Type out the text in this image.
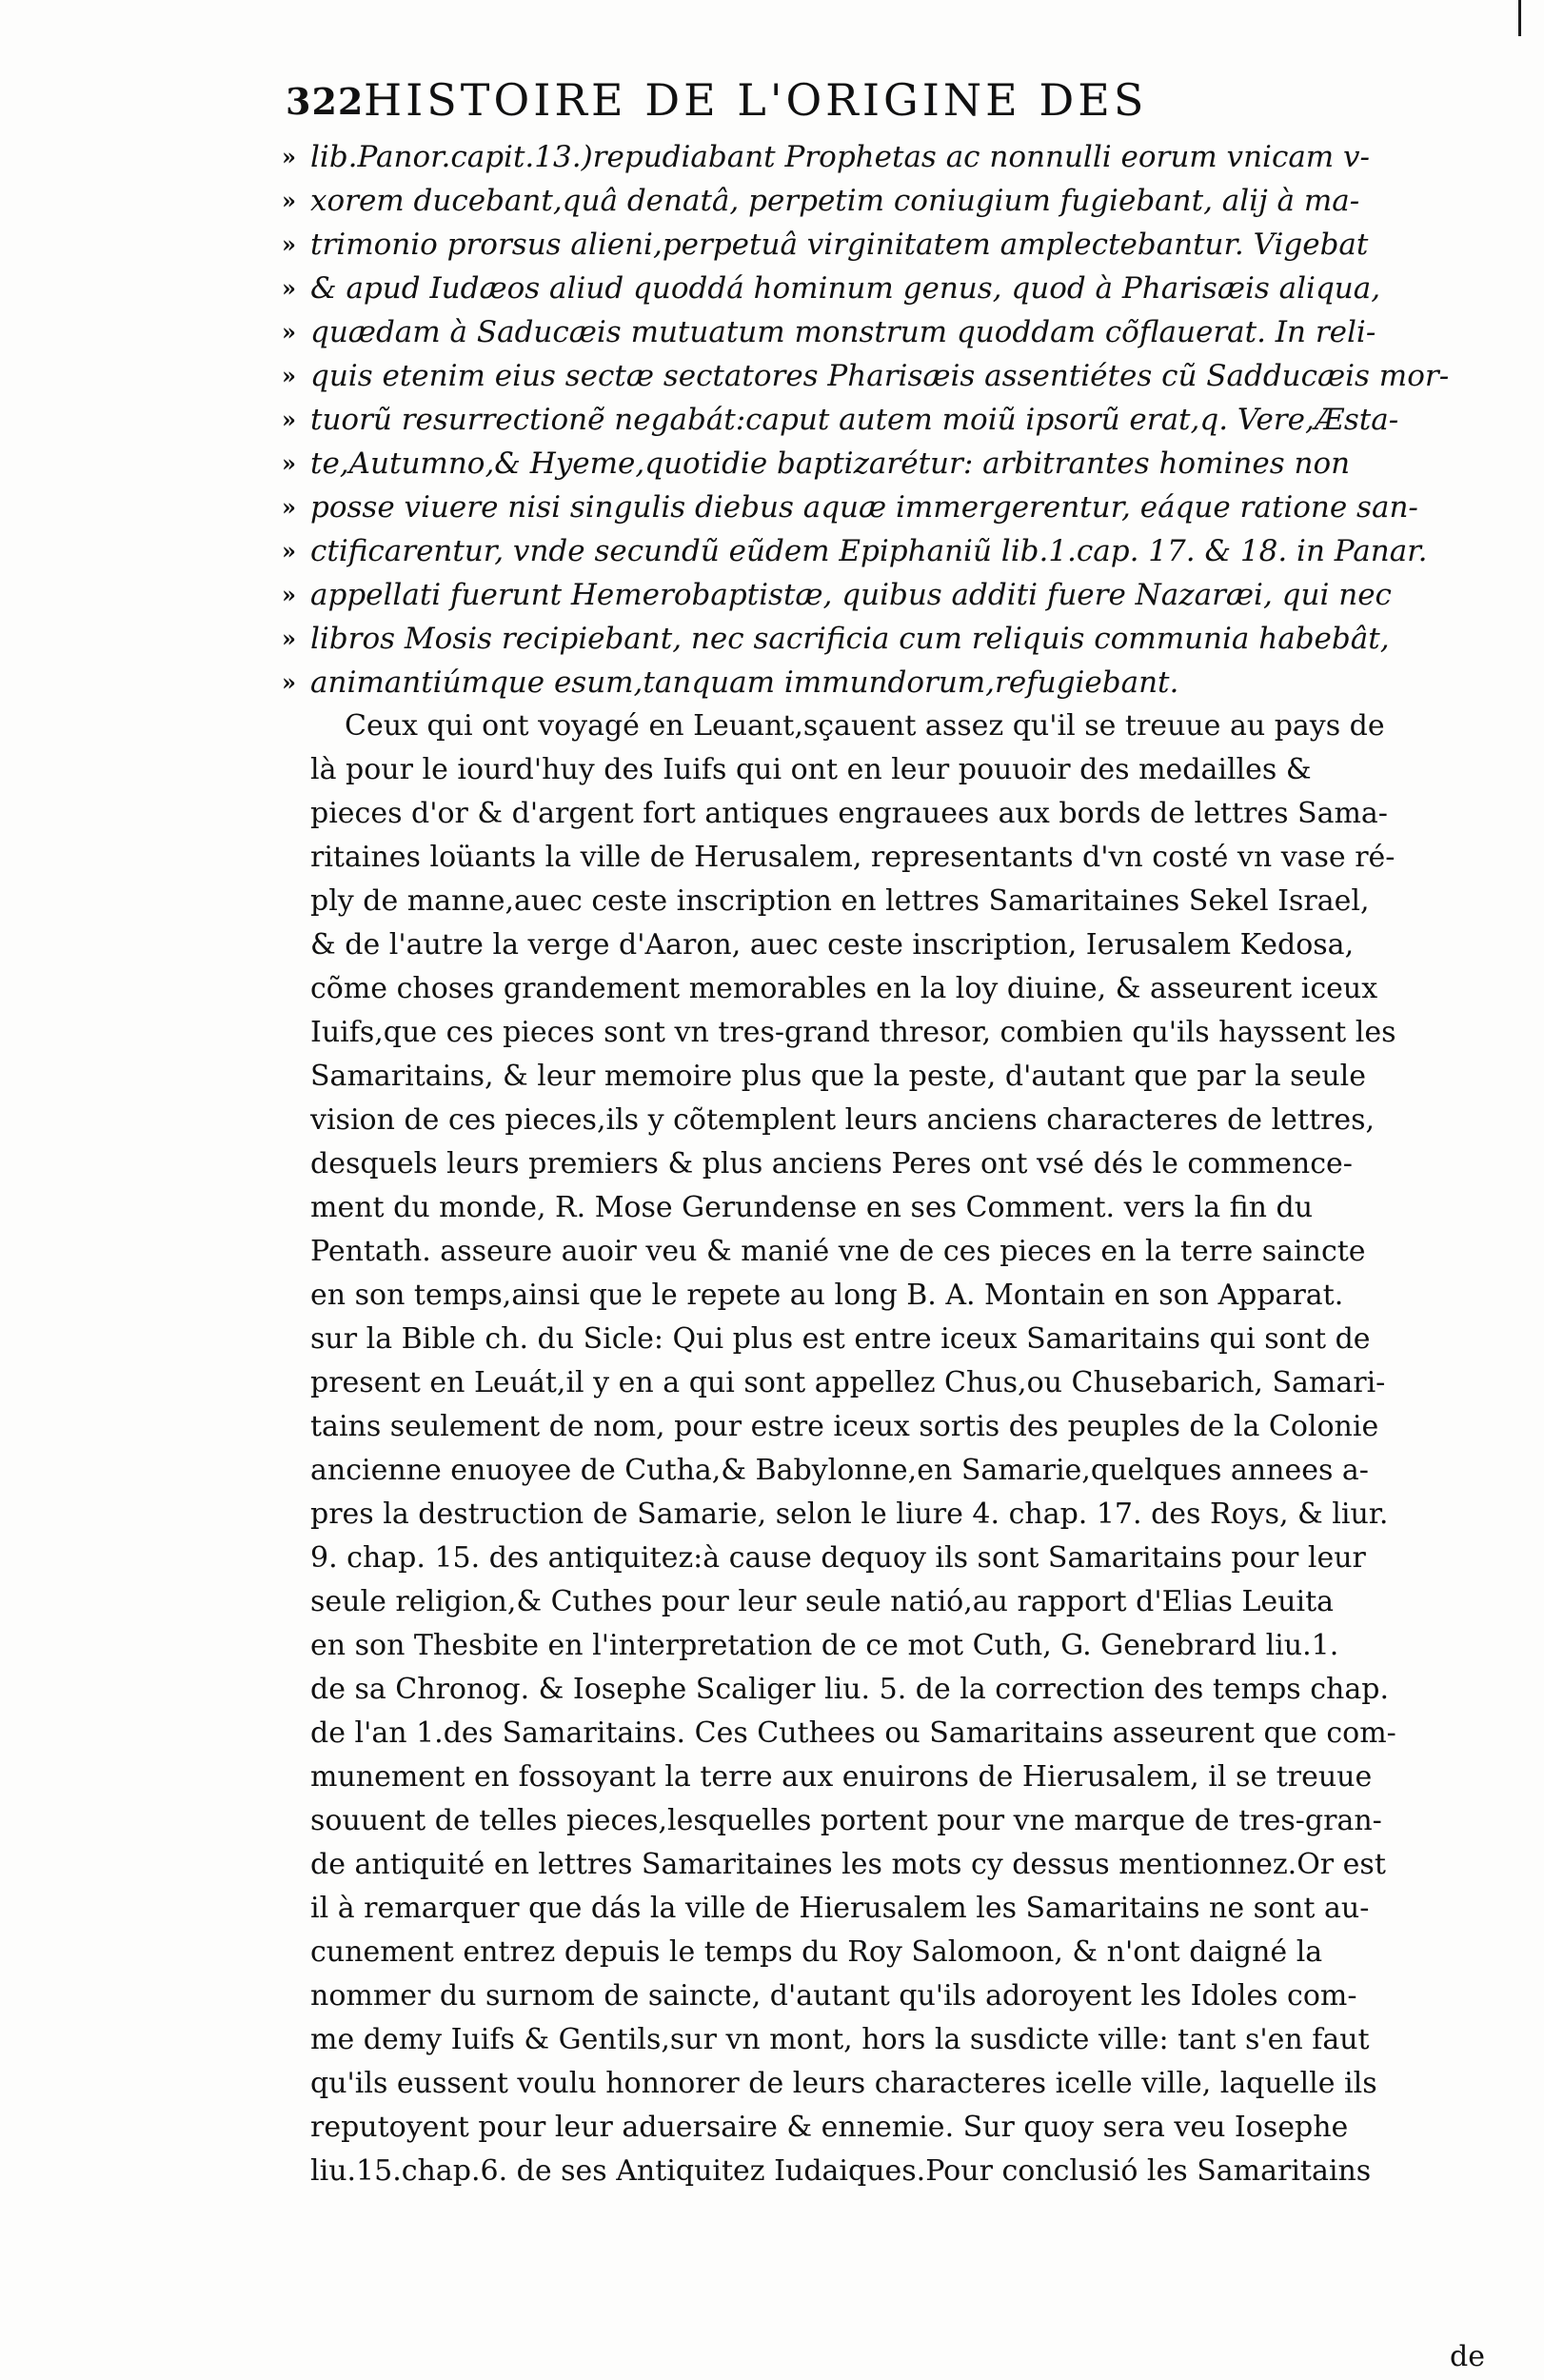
322 HISTOIRE DE L'ORIGINE DES
» lib.Panor.capit.13.)repudiabant Prophetas ac nonnulli eorum vnicam v-
» xorem ducebant,quâ denatâ, perpetim coniugium fugiebant, alij à ma-
» trimonio prorsus alieni,perpetuâ virginitatem amplectebantur. Vigebat
» & apud Iudæos aliud quoddá hominum genus, quod à Pharisæis aliqua,
» quædam à Saducæis mutuatum monstrum quoddam cõflauerat. In reli-
» quis etenim eius sectæ sectatores Pharisæis assentiétes cũ Sadducæis mor-
» tuorũ resurrectionẽ negabát:caput autem moiũ ipsorũ erat,q. Vere,Æsta-
» te,Autumno,& Hyeme,quotidie baptizarétur: arbitrantes homines non
» posse viuere nisi singulis diebus aquæ immergerentur, eáque ratione san-
» ctificarentur, vnde secundũ eũdem Epiphaniũ lib.1.cap. 17. & 18. in Panar.
» appellati fuerunt Hemerobaptistæ, quibus additi fuere Nazaræi, qui nec
» libros Mosis recipiebant, nec sacrificia cum reliquis communia habebât,
» animantiúmque esum,tanquam immundorum,refugiebant.
Ceux qui ont voyagé en Leuant,sçauent assez qu'il se treuue au pays de
là pour le iourd'huy des Iuifs qui ont en leur pouuoir des medailles &
pieces d'or & d'argent fort antiques engrauees aux bords de lettres Sama-
ritaines loüants la ville de Herusalem, representants d'vn costé vn vase ré-
ply de manne,auec ceste inscription en lettres Samaritaines Sekel Israel,
& de l'autre la verge d'Aaron, auec ceste inscription, Ierusalem Kedosa,
cõme choses grandement memorables en la loy diuine, & asseurent iceux
Iuifs,que ces pieces sont vn tres-grand thresor, combien qu'ils hayssent les
Samaritains, & leur memoire plus que la peste, d'autant que par la seule
vision de ces pieces,ils y cõtemplent leurs anciens characteres de lettres,
desquels leurs premiers & plus anciens Peres ont vsé dés le commence-
ment du monde, R. Mose Gerundense en ses Comment. vers la fin du
Pentath. asseure auoir veu & manié vne de ces pieces en la terre saincte
en son temps,ainsi que le repete au long B. A. Montain en son Apparat.
sur la Bible ch. du Sicle: Qui plus est entre iceux Samaritains qui sont de
present en Leuát,il y en a qui sont appellez Chus,ou Chusebarich, Samari-
tains seulement de nom, pour estre iceux sortis des peuples de la Colonie
ancienne enuoyee de Cutha,& Babylonne,en Samarie,quelques annees a-
pres la destruction de Samarie, selon le liure 4. chap. 17. des Roys, & liur.
9. chap. 15. des antiquitez:à cause dequoy ils sont Samaritains pour leur
seule religion,& Cuthes pour leur seule natió,au rapport d'Elias Leuita
en son Thesbite en l'interpretation de ce mot Cuth, G. Genebrard liu.1.
de sa Chronog. & Iosephe Scaliger liu. 5. de la correction des temps chap.
de l'an 1.des Samaritains. Ces Cuthees ou Samaritains asseurent que com-
munement en fossoyant la terre aux enuirons de Hierusalem, il se treuue
souuent de telles pieces,lesquelles portent pour vne marque de tres-gran-
de antiquité en lettres Samaritaines les mots cy dessus mentionnez.Or est
il à remarquer que dás la ville de Hierusalem les Samaritains ne sont au-
cunement entrez depuis le temps du Roy Salomoon, & n'ont daigné la
nommer du surnom de saincte, d'autant qu'ils adoroyent les Idoles com-
me demy Iuifs & Gentils,sur vn mont, hors la susdicte ville: tant s'en faut
qu'ils eussent voulu honnorer de leurs characteres icelle ville, laquelle ils
reputoyent pour leur aduersaire & ennemie. Sur quoy sera veu Iosephe
liu.15.chap.6. de ses Antiquitez Iudaiques.Pour conclusió les Samaritains
de
